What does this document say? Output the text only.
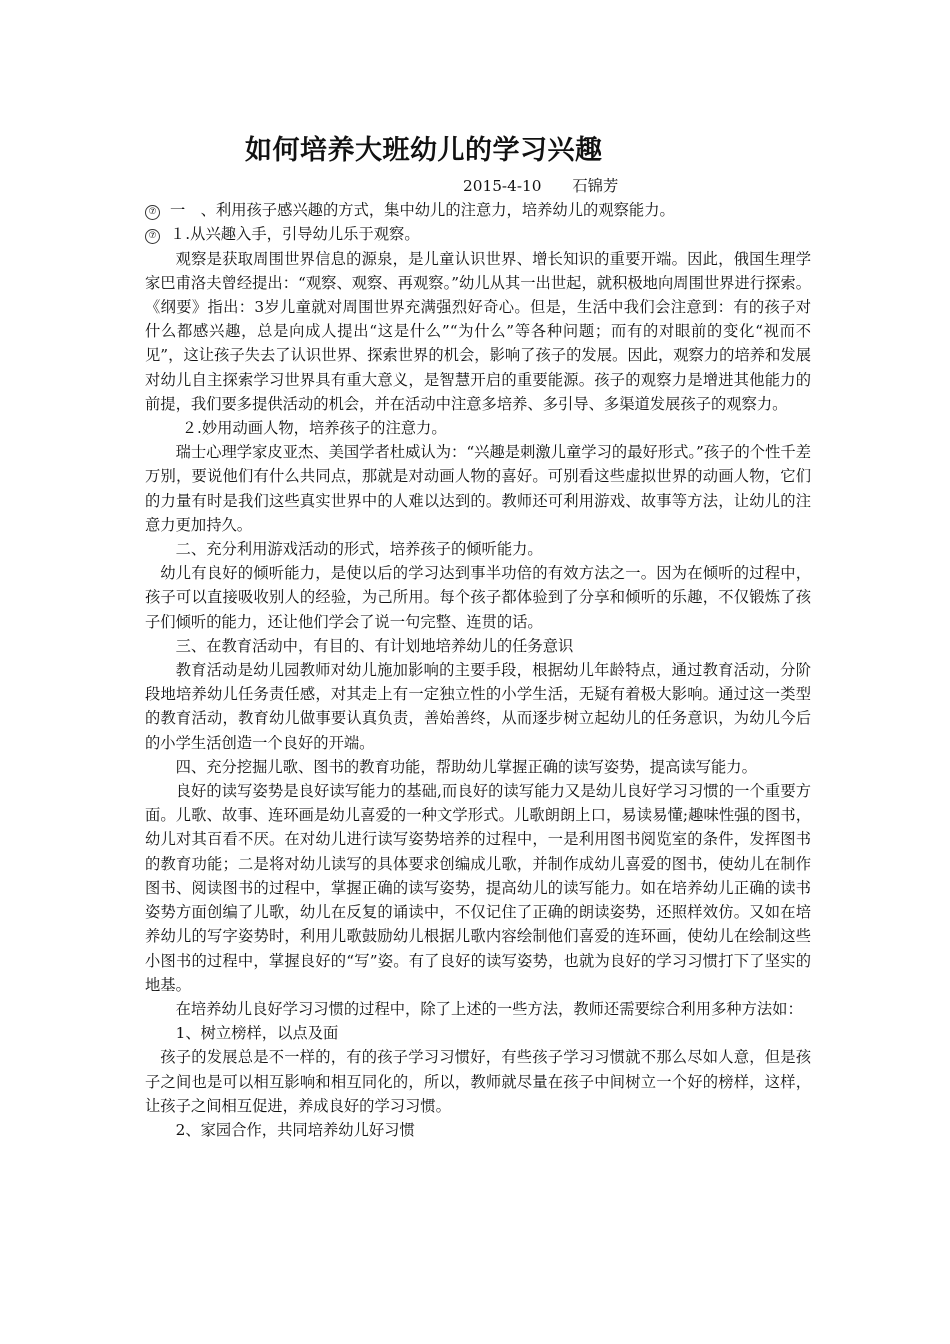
如何培养大班幼儿的学习兴趣
2015-4-10 石锦芳
⑦ 一　、利用孩子感兴趣的方式，集中幼儿的注意力，培养幼儿的观察能力。
⑦ １.从兴趣入手，引导幼儿乐于观察。

观察是获取周围世界信息的源泉，是儿童认识世界、增长知识的重要开端。因此，俄国生理学家巴甫洛夫曾经提出：“观察、观察、再观察。”幼儿从其一出世起，就积极地向周围世界进行探索。《纲要》指出：3岁儿童就对周围世界充满强烈好奇心。但是，生活中我们会注意到：有的孩子对什么都感兴趣，总是向成人提出“这是什么”“为什么”等各种问题；而有的对眼前的变化“视而不见”，这让孩子失去了认识世界、探索世界的机会，影响了孩子的发展。因此，观察力的培养和发展对幼儿自主探索学习世界具有重大意义，是智慧开启的重要能源。孩子的观察力是增进其他能力的前提，我们要多提供活动的机会，并在活动中注意多培养、多引导、多渠道发展孩子的观察力。

２.妙用动画人物，培养孩子的注意力。

瑞士心理学家皮亚杰、美国学者杜威认为：“兴趣是刺激儿童学习的最好形式。”孩子的个性千差万别，要说他们有什么共同点，那就是对动画人物的喜好。可别看这些虚拟世界的动画人物，它们的力量有时是我们这些真实世界中的人难以达到的。教师还可利用游戏、故事等方法，让幼儿的注意力更加持久。

二、充分利用游戏活动的形式，培养孩子的倾听能力。

幼儿有良好的倾听能力，是使以后的学习达到事半功倍的有效方法之一。因为在倾听的过程中，孩子可以直接吸收别人的经验，为己所用。每个孩子都体验到了分享和倾听的乐趣，不仅锻炼了孩子们倾听的能力，还让他们学会了说一句完整、连贯的话。

三、在教育活动中，有目的、有计划地培养幼儿的任务意识

教育活动是幼儿园教师对幼儿施加影响的主要手段，根据幼儿年龄特点，通过教育活动，分阶段地培养幼儿任务责任感，对其走上有一定独立性的小学生活，无疑有着极大影响。通过这一类型的教育活动，教育幼儿做事要认真负责，善始善终，从而逐步树立起幼儿的任务意识，为幼儿今后的小学生活创造一个良好的开端。

四、充分挖掘儿歌、图书的教育功能，帮助幼儿掌握正确的读写姿势，提高读写能力。

良好的读写姿势是良好读写能力的基础,而良好的读写能力又是幼儿良好学习习惯的一个重要方面。儿歌、故事、连环画是幼儿喜爱的一种文学形式。儿歌朗朗上口，易读易懂;趣味性强的图书，幼儿对其百看不厌。在对幼儿进行读写姿势培养的过程中，一是利用图书阅览室的条件，发挥图书的教育功能；二是将对幼儿读写的具体要求创编成儿歌，并制作成幼儿喜爱的图书，使幼儿在制作图书、阅读图书的过程中，掌握正确的读写姿势，提高幼儿的读写能力。如在培养幼儿正确的读书姿势方面创编了儿歌，幼儿在反复的诵读中，不仅记住了正确的朗读姿势，还照样效仿。又如在培养幼儿的写字姿势时，利用儿歌鼓励幼儿根据儿歌内容绘制他们喜爱的连环画，使幼儿在绘制这些小图书的过程中，掌握良好的“写”姿。有了良好的读写姿势，也就为良好的学习习惯打下了坚实的地基。

在培养幼儿良好学习习惯的过程中，除了上述的一些方法，教师还需要综合利用多种方法如：

1、树立榜样，以点及面

孩子的发展总是不一样的，有的孩子学习习惯好，有些孩子学习习惯就不那么尽如人意，但是孩子之间也是可以相互影响和相互同化的，所以，教师就尽量在孩子中间树立一个好的榜样，这样，让孩子之间相互促进，养成良好的学习习惯。

2、家园合作，共同培养幼儿好习惯
